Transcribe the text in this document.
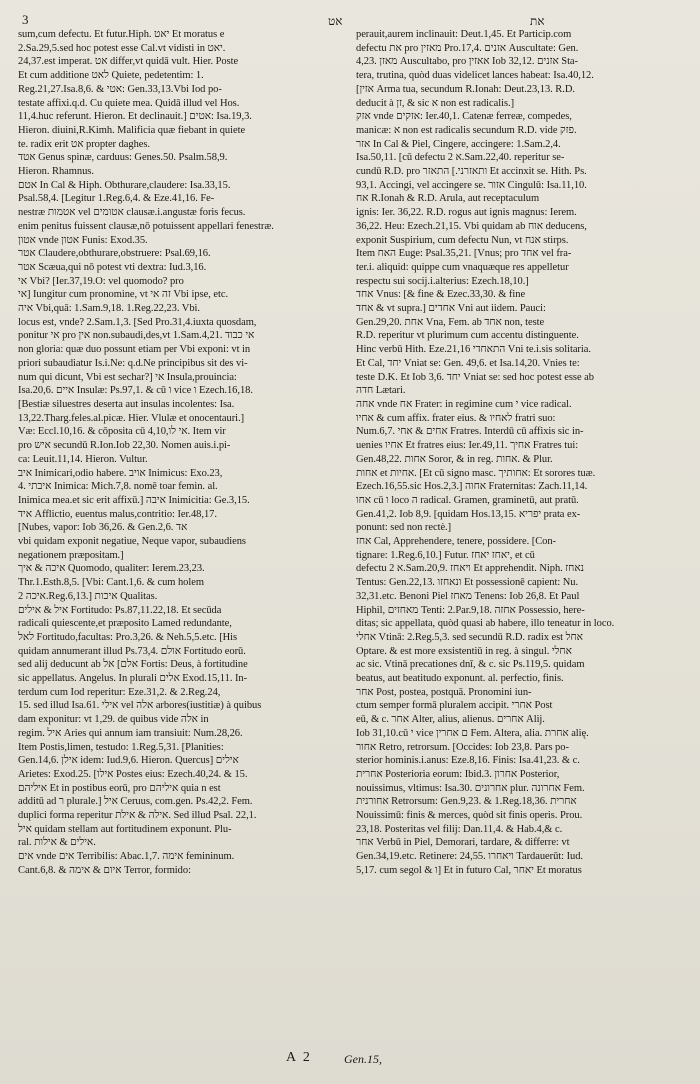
3	אט	את
sum,cum defectu. Et futur.Hiph. יאט Et moratus e
2.Sa.29,5.sed hoc potest esse Cal.vt vidisti in יאט.
24,37.est imperat. אט differ,vt quidā vult. Hier. Poste
Et cum additione לאט Quiete, pedetentim: 1.
Reg.21,27.Isa.8,6. & אטי: Gen.33,13.Vbi Iod po-
testate affixi.q.d. Cu quiete mea. Quidā illud vel Hos.
11,4.huc referunt. Hieron. Et declinauit.] אטים: Isa.19,3.
Hieron. diuini,R.Kimh. Malificia quæ fiebant in quiete
te. radix erit אט propter daghes.
אטד Genus spinæ, carduus: Genes.50. Psalm.58,9.
Hieron. Rhamnus.
אטם In Cal & Hiph. Obthurare,claudere: Isa.33,15.
Psal.58,4. [Legitur 1.Reg.6,4. & Eze.41,16. Fe-
nestræ אטמות vel אטומים clausæ.i.angustæ foris fecus.
enim penitus fuissent clausæ,nō potuissent appellari fenestræ.
אטון vnde אטון Funis: Exod.35.
אטר Claudere,obthurare,obstruere: Psal.69,16.
אטר Scæua,qui nō potest vti dextra: Iud.3,16.
אי Vbi? [Ier.37,19.O: vel quomodo? pro
אי] Iungitur cum pronomine, vt זה אי Vbi ipse, etc.
איה Vbi,quā: 1.Sam.9,18. 1.Reg.22,23. Vbi.
locus est, vnde? 2.Sam.1,3. [Sed Pro.31,4.iuxta quosdam,
ponitur אי pro אין non.subaudi,des,vt 1.Sam.4,21. אי כבוד
non gloria: quæ duo possunt etiam per Vbi exponi: vt in
priori subaudiatur Is.i.Ne: q.d.Ne principibus sit des vi-
num qui dicunt, Vbi est sechar?] אי Insula,prouincia:
Isa.20,6. איים Insulæ: Ps.97,1. & cū ו vice ו Ezech.16,18.
[Bestiæ siluestres deserta aut insulas incolentes: Isa.
13,22.Tharg.feles.al.picæ. Hier. Vlulæ et onocentauri.]
Væ: Eccl.10,16. & cōposita cū אי לו,4,10. Item vir
pro איש secundū R.Ion.Iob 22,30. Nomen auis.i.pi-
ca: Leuit.11,14. Hieron. Vultur.
איב Inimicari,odio habere. אויב Inimicus: Exo.23,
4. איבתי Inimica: Mich.7,8. nomē toar femin. al.
Inimica mea.et sic erit affixū.] איבה Inimicitia: Ge.3,15.
איד Afflictio, euentus malus,contritio: Ier.48,17.
[Nubes, vapor: Iob 36,26. & Gen.2,6. אד
vbi quidam exponit negatiue, Neque vapor, subaudiens
negationem præpositam.]
איכה & איך Quomodo, qualiter: Ierem.23,23.
Thr.1.Esth.8,5. [Vbi: Cant.1,6. & cum holem
איכה 2.Reg.6,13.] איכות Qualitas.
איל & אילים Fortitudo: Ps.87,11.22,18. Et secūda
radicali quiescente,et præposito Lamed redundante,
לאל Fortitudo,facultas: Pro.3,26. & Neh.5,5.etc. [His
quidam annumerant illud Ps.73,4. אולם Fortitudo eorū.
sed alij deducunt ab אלם] אל Fortis: Deus, à fortitudine
sic appellatus. Angelus. In plurali אלים Exod.15,11. In-
terdum cum Iod reperitur: Eze.31,2. & 2.Reg.24,
15. sed illud Isa.61. אילי vel אלה arbores(iustitiæ) à quibus
dam exponitur: vt 1,29. de quibus vide אלה in
regim. איל Aries qui annum iam transiuit: Num.28,26.
Item Postis,limen, testudo: 1.Reg.5,31. [Planities:
Gen.14,6. אילן idem: Iud.9,6. Hieron. Quercus] אילים
Arietes: Exod.25. [אילו Postes eius: Ezech.40,24. & 15.
איליהם Et in postibus eorū, pro איליהם quia n est
additū ad ר plurale.] איל Ceruus, com.gen. Ps.42,2. Fem.
duplici forma reperitur אילה & אילת. Sed illud Psal. 22,1.
איל quidam stellam aut fortitudinem exponunt. Plu-
ral. אילים & אילות.
אים vnde אים Terribilis: Abac.1,7. אימה femininum.
Cant.6,8. & איום & אימה Terror, formido:
perauit,aurem inclinauit: Deut.1,45. Et Particip.com
defectu את pro מאזין Pro.17,4. אזנים Auscultate: Gen.
4,23. מאזן Auscultabo, pro אאזין Iob 32,12. אזנים Sta-
tera, trutina, quòd duas videlicet lances habeat: Isa.40,12.
[אזין Arma tua, secundum R.Ionah: Deut.23,13. R.D.
deducit à זן, & sic א non est radicalis.]
אזק vnde אזקים: Ier.40,1. Catenæ ferreæ, compedes,
manicæ: א non est radicalis secundum R.D. vide פזק.
אזר In Cal & Piel, Cingere, accingere: 1.Sam.2,4.
Isa.50,11. [cū defectu א 2.Sam.22,40. reperitur se-
cundū R.D. pro ותאזרני.] התאזר Et accinxit se. Hith. Ps.
93,1. Accingi, vel accingere se. אזור Cingulū: Isa.11,10.
אח R.Ionah & R.D. Arula, aut receptaculum
ignis: Ier. 36,22. R.D. rogus aut ignis magnus: Ierem.
36,22. Heu: Ezech.21,15. Vbi quidam ab אוח deducens,
exponit Suspirium, cum defectu Nun, vt אנח stirps.
Item האח Euge: Psal.35,21. [Vnus; pro אחד vel fra-
ter.i. aliquid: quippe cum vnaquæque res appelletur
respectu sui socij.i.alterius: Ezech.18,10.]
אחד Vnus: [& fine & Ezec.33,30. & fine
אחד & vt supra.] אחדים Vni aut iidem. Pauci:
Gen.29,20. אחת Vna, Fem. ab אחד non, teste
R.D. reperitur vt plurimum cum accentu distinguente.
Hinc verbū Hith. Eze.21,16 התאחדי Vni te.i.sis solitaria.
Et Cal, יחד Vniat se: Gen. 49,6. et Isa.14,20. Vnies te:
teste D.K. Et Iob 3,6. יחד Vniat se: sed hoc potest esse ab
חדה Lætari.
אחה vnde אח Frater: in regimine cum י vice radical.
אחיו & cum affix. frater eius. & לאחיו fratri suo:
Num.6,7. אחים & אחי Fratres. Interdū cū affixis sic in-
uenies אחיו Et fratres eius: Ier.49,11. אחיך Fratres tui:
Gen.48,22. אחות Soror, & in reg. אחות. & Plur.
אחות et אחיות. [Et cū signo masc. אחותיך: Et sorores tuæ.
Ezech.16,55.sic Hos.2,3.] אחוה Fraternitas: Zach.11,14.
אחו cū ו loco ה radical. Gramen, graminetū, aut pratū.
Gen.41,2. Iob 8,9. [quidam Hos.13,15. יפריא prata ex-
ponunt: sed non rectè.]
אחז Cal, Apprehendere, tenere, possidere. [Con-
tignare: 1.Reg.6,10.] Futur. יאחז יאחז, et cū
defectu א 2.Sam.20,9. ויאחז Et apprehendit. Niph. נאחז
Tentus: Gen.22,13. ונאחזו Et possessionē capient: Nu.
32,31.etc. Benoni Piel מאחז Tenens: Iob 26,8. Et Paul
Hiphil, מאחזים Tenti: 2.Par.9,18. אחזה Possessio, here-
ditas; sic appellata, quòd quasi ab habere, illo teneatur in loco.
אחלי Vtinā: 2.Reg.5,3. sed secundū R.D. radix est אחל
Optare. & est more exsistentiū in reg. à singul. אחלי
ac sic. Vtinā precationes dnī, & c. sic Ps.119,5. quidam
beatus, aut beatitudo exponunt. al. perfectio, finis.
אחר Post, postea, postquā. Pronomini iun-
ctum semper formā pluralem accipit. אחרי Post
eū, & c. אחר Alter, alius, alienus. אחרים Alij.
Iob 31,10.cū י vice ם אחרין Fem. Altera, alia. אחרת alię.
אחור Retro, retrorsum. [Occides: Iob 23,8. Pars po-
sterior hominis.i.anus: Eze.8,16. Finis: Isa.41,23. & c.
אחרית Posterioria eorum: Ibid.3. אחרון Posterior,
nouissimus, vltimus: Isa.30. אחרונים plur. אחרונה Fem.
אחורנית Retrorsum: Gen.9,23. & 1.Reg.18,36. אחרית
Nouissimū: finis & merces, quòd sit finis operis. Prou.
23,18. Posteritas vel filij: Dan.11,4. & Hab.4,& c.
אחר Verbū in Piel, Demorari, tardare, & differre: vt
Gen.34,19.etc. Retinere: 24,55. ויאחרו Tardauerūt: Iud.
5,17. cum segol & ו] Et in futuro Cal, יאחר Et moratus
A 2	Gen.15,
